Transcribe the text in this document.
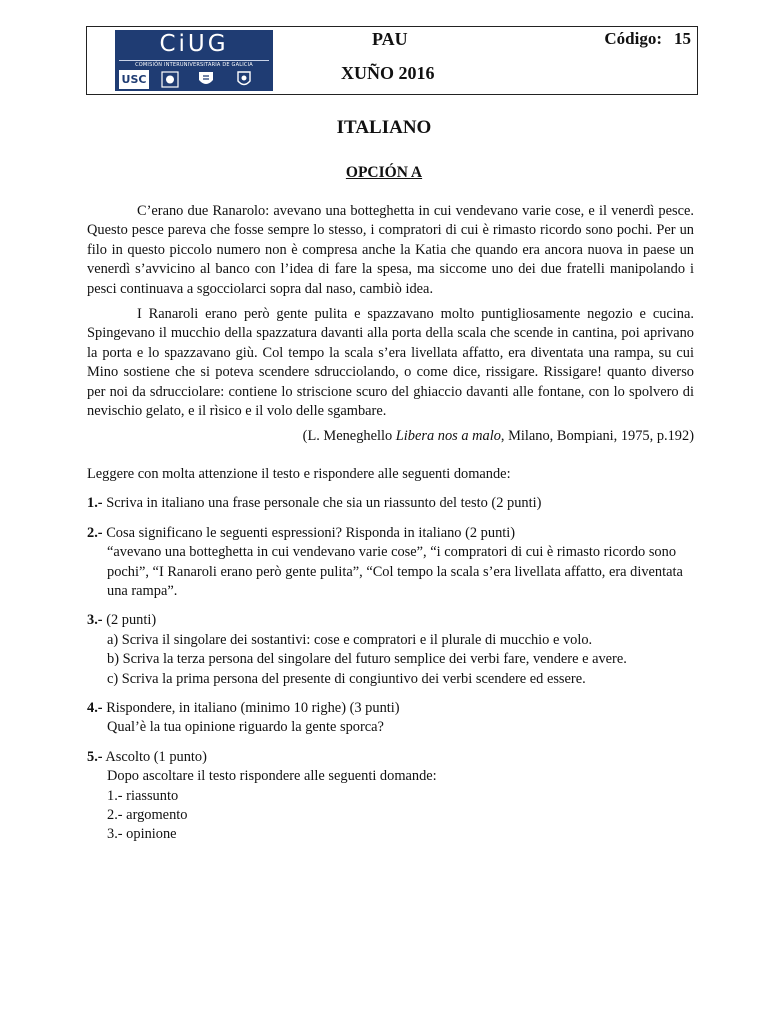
CiUG
COMISIÓN INTERUNIVERSITARIA DE GALICIA
USC
PAU
XUÑO 2016
Código: 15
ITALIANO
OPCIÓN A

C’erano due Ranarolo: avevano una botteghetta in cui vendevano varie cose, e il venerdì pesce. Questo pesce pareva che fosse sempre lo stesso, i compratori di cui è rimasto ricordo sono pochi. Per un filo in questo piccolo numero non è compresa anche la Katia che quando era ancora nuova in paese un venerdì s’avvicino al banco con l’idea di fare la spesa, ma siccome uno dei due fratelli manipolando i pesci continuava a sgocciolarci sopra dal naso, cambiò idea.

I Ranaroli erano però gente pulita e spazzavano molto puntigliosamente negozio e cucina. Spingevano il mucchio della spazzatura davanti alla porta della scala che scende in cantina, poi aprivano la porta e lo spazzavano giù. Col tempo la scala s’era livellata affatto, era diventata una rampa, su cui Mino sostiene che si poteva scendere sdrucciolando, o come dice, rissigare. Rissigare! quanto diverso per noi da sdrucciolare: contiene lo striscione scuro del ghiaccio davanti alle fontane, con lo spolvero di nevischio gelato, e il rìsico e il volo delle sgambare.

(L. Meneghello Libera nos a malo, Milano, Bompiani, 1975, p.192)

Leggere con molta attenzione il testo e rispondere alle seguenti domande:

1.- Scriva in italiano una frase personale che sia un riassunto del testo (2 punti)
2.- Cosa significano le seguenti espressioni? Risponda in italiano (2 punti)
“avevano una botteghetta in cui vendevano varie cose”, “i compratori di cui è rimasto ricordo sono pochi”, “I Ranaroli erano però gente pulita”, “Col tempo la scala s’era livellata affatto, era diventata una rampa”.
3.- (2 punti)
a) Scriva il singolare dei sostantivi: cose e compratori e il plurale di mucchio e volo.
b) Scriva la terza persona del singolare del futuro semplice dei verbi fare, vendere e avere.
c) Scriva la prima persona del presente di congiuntivo dei verbi scendere ed essere.
4.- Rispondere, in italiano (minimo 10 righe) (3 punti)
Qual’è la tua opinione riguardo la gente sporca?
5.- Ascolto (1 punto)
Dopo ascoltare il testo rispondere alle seguenti domande:
1.- riassunto
2.- argomento
3.- opinione
